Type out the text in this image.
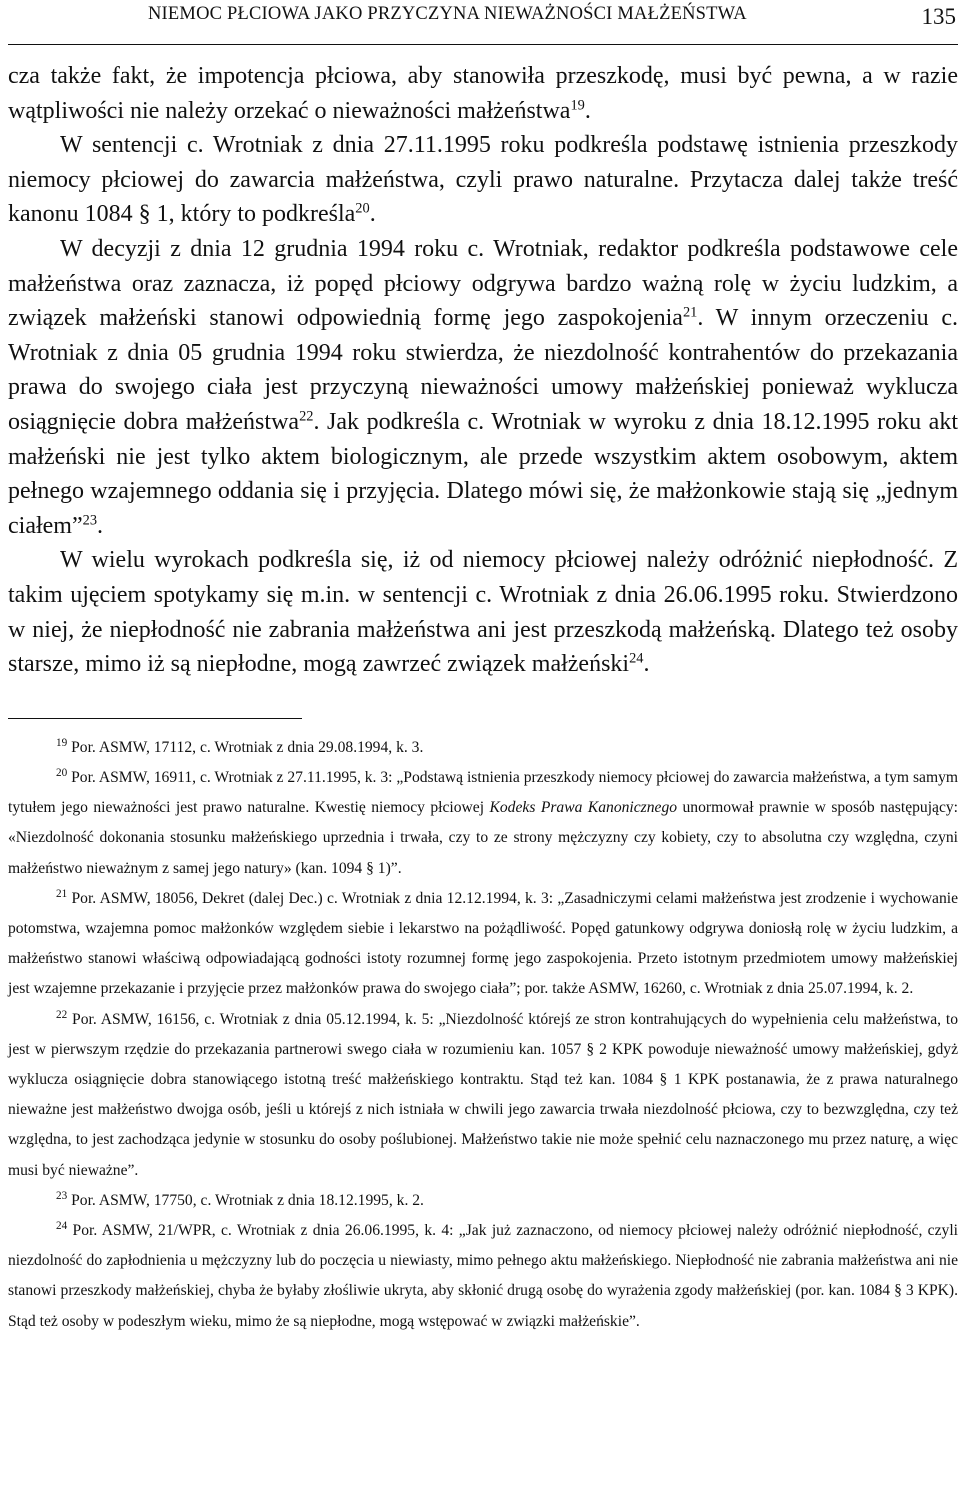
NIEMOC PŁCIOWA JAKO PRZYCZYNA NIEWAŻNOŚCI MAŁŻEŃSTWA	135

cza także fakt, że impotencja płciowa, aby stanowiła przeszkodę, musi być pewna, a w razie wątpliwości nie należy orzekać o nieważności małżeństwa$^{19}$.

W sentencji c. Wrotniak z dnia 27.11.1995 roku podkreśla podstawę istnienia przeszkody niemocy płciowej do zawarcia małżeństwa, czyli prawo naturalne. Przytacza dalej także treść kanonu 1084 § 1, który to podkreśla$^{20}$.

W decyzji z dnia 12 grudnia 1994 roku c. Wrotniak, redaktor podkreśla podstawowe cele małżeństwa oraz zaznacza, iż popęd płciowy odgrywa bardzo ważną rolę w życiu ludzkim, a związek małżeński stanowi odpowiednią formę jego zaspokojenia$^{21}$. W innym orzeczeniu c. Wrotniak z dnia 05 grudnia 1994 roku stwierdza, że niezdolność kontrahentów do przekazania prawa do swojego ciała jest przyczyną nieważności umowy małżeńskiej ponieważ wyklucza osiągnięcie dobra małżeństwa$^{22}$. Jak podkreśla c. Wrotniak w wyroku z dnia 18.12.1995 roku akt małżeński nie jest tylko aktem biologicznym, ale przede wszystkim aktem osobowym, aktem pełnego wzajemnego oddania się i przyjęcia. Dlatego mówi się, że małżonkowie stają się „jednym ciałem”$^{23}$.

W wielu wyrokach podkreśla się, iż od niemocy płciowej należy odróżnić niepłodność. Z takim ujęciem spotykamy się m.in. w sentencji c. Wrotniak z dnia 26.06.1995 roku. Stwierdzono w niej, że niepłodność nie zabrania małżeństwa ani jest przeszkodą małżeńską. Dlatego też osoby starsze, mimo iż są niepłodne, mogą zawrzeć związek małżeński$^{24}$.

$^{19}$ Por. ASMW, 17112, c. Wrotniak z dnia 29.08.1994, k. 3.

$^{20}$ Por. ASMW, 16911, c. Wrotniak z 27.11.1995, k. 3: „Podstawą istnienia przeszkody niemocy płciowej do zawarcia małżeństwa, a tym samym tytułem jego nieważności jest prawo naturalne. Kwestię niemocy płciowej Kodeks Prawa Kanonicznego unormował prawnie w sposób następujący: «Niezdolność dokonania stosunku małżeńskiego uprzednia i trwała, czy to ze strony mężczyzny czy kobiety, czy to absolutna czy względna, czyni małżeństwo nieważnym z samej jego natury» (kan. 1094 § 1)”.

$^{21}$ Por. ASMW, 18056, Dekret (dalej Dec.) c. Wrotniak z dnia 12.12.1994, k. 3: „Zasadniczymi celami małżeństwa jest zrodzenie i wychowanie potomstwa, wzajemna pomoc małżonków względem siebie i lekarstwo na pożądliwość. Popęd gatunkowy odgrywa doniosłą rolę w życiu ludzkim, a małżeństwo stanowi właściwą odpowiadającą godności istoty rozumnej formę jego zaspokojenia. Przeto istotnym przedmiotem umowy małżeńskiej jest wzajemne przekazanie i przyjęcie przez małżonków prawa do swojego ciała”; por. także ASMW, 16260, c. Wrotniak z dnia 25.07.1994, k. 2.

$^{22}$ Por. ASMW, 16156, c. Wrotniak z dnia 05.12.1994, k. 5: „Niezdolność którejś ze stron kontrahujących do wypełnienia celu małżeństwa, to jest w pierwszym rzędzie do przekazania partnerowi swego ciała w rozumieniu kan. 1057 § 2 KPK powoduje nieważność umowy małżeńskiej, gdyż wyklucza osiągnięcie dobra stanowiącego istotną treść małżeńskiego kontraktu. Stąd też kan. 1084 § 1 KPK postanawia, że z prawa naturalnego nieważne jest małżeństwo dwojga osób, jeśli u którejś z nich istniała w chwili jego zawarcia trwała niezdolność płciowa, czy to bezwzględna, czy też względna, to jest zachodząca jedynie w stosunku do osoby poślubionej. Małżeństwo takie nie może spełnić celu naznaczonego mu przez naturę, a więc musi być nieważne”.

$^{23}$ Por. ASMW, 17750, c. Wrotniak z dnia 18.12.1995, k. 2.

$^{24}$ Por. ASMW, 21/WPR, c. Wrotniak z dnia 26.06.1995, k. 4: „Jak już zaznaczono, od niemocy płciowej należy odróżnić niepłodność, czyli niezdolność do zapłodnienia u mężczyzny lub do poczęcia u niewiasty, mimo pełnego aktu małżeńskiego. Niepłodność nie zabrania małżeństwa ani nie stanowi przeszkody małżeńskiej, chyba że byłaby złośliwie ukryta, aby skłonić drugą osobę do wyrażenia zgody małżeńskiej (por. kan. 1084 § 3 KPK). Stąd też osoby w podeszłym wieku, mimo że są niepłodne, mogą wstępować w związki małżeńskie”.
